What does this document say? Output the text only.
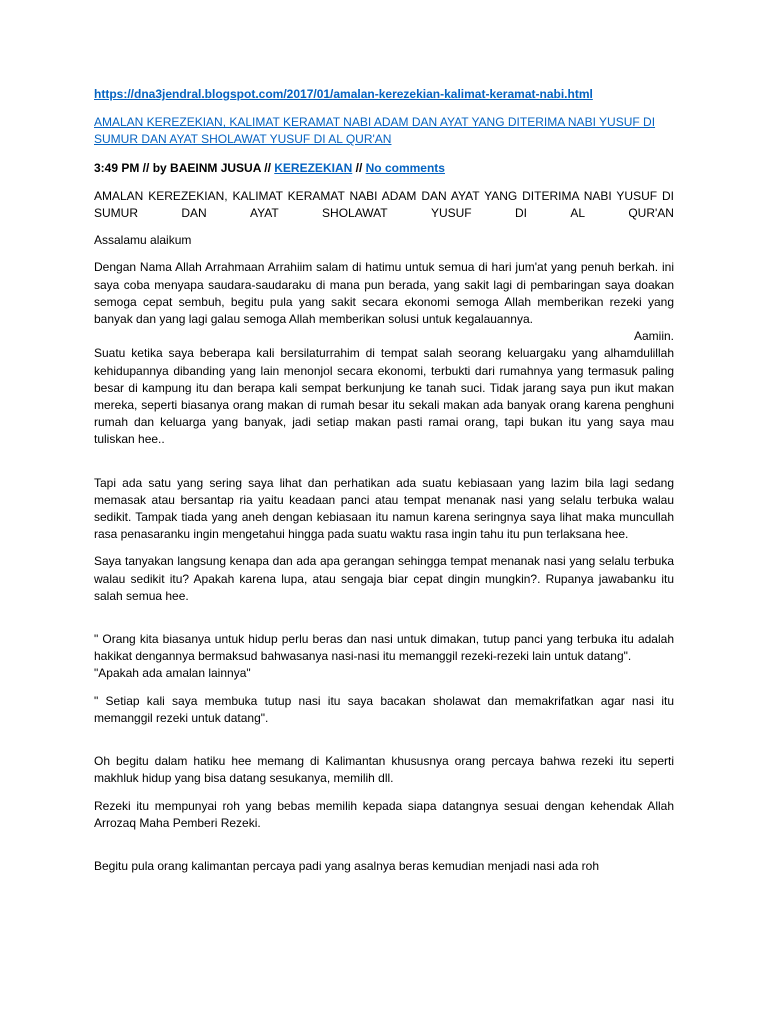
https://dna3jendral.blogspot.com/2017/01/amalan-kerezekian-kalimat-keramat-nabi.html

AMALAN KEREZEKIAN, KALIMAT KERAMAT NABI ADAM DAN AYAT YANG DITERIMA NABI YUSUF DI SUMUR DAN AYAT SHOLAWAT YUSUF DI AL QUR'AN

3:49 PM // by BAEINM JUSUA // KEREZEKIAN // No comments

AMALAN KEREZEKIAN, KALIMAT KERAMAT NABI ADAM DAN AYAT YANG DITERIMA NABI YUSUF DI

SUMUR	DAN	AYAT	SHOLAWAT	YUSUF	DI	AL	QUR'AN

Assalamu alaikum

Dengan Nama Allah Arrahmaan Arrahiim salam di hatimu untuk semua di hari jum'at yang penuh berkah. ini saya coba menyapa saudara-saudaraku di mana pun berada, yang sakit lagi di pembaringan saya doakan semoga cepat sembuh, begitu pula yang sakit secara ekonomi semoga Allah memberikan rezeki yang banyak dan yang lagi galau semoga Allah memberikan solusi untuk kegalauannya.
Aamiin.

Suatu ketika saya beberapa kali bersilaturrahim di tempat salah seorang keluargaku yang alhamdulillah kehidupannya dibanding yang lain menonjol secara ekonomi, terbukti dari rumahnya yang termasuk paling besar di kampung itu dan berapa kali sempat berkunjung ke tanah suci. Tidak jarang saya pun ikut makan mereka, seperti biasanya orang makan di rumah besar itu sekali makan ada banyak orang karena penghuni rumah dan keluarga yang banyak, jadi setiap makan pasti ramai orang, tapi bukan itu yang saya mau tuliskan hee..

Tapi ada satu yang sering saya lihat dan perhatikan ada suatu kebiasaan yang lazim bila lagi sedang memasak atau bersantap ria yaitu keadaan panci atau tempat menanak nasi yang selalu terbuka walau sedikit. Tampak tiada yang aneh dengan kebiasaan itu namun karena seringnya saya lihat maka muncullah rasa penasaranku ingin mengetahui hingga pada suatu waktu rasa ingin tahu itu pun terlaksana hee.

Saya tanyakan langsung kenapa dan ada apa gerangan sehingga tempat menanak nasi yang selalu terbuka walau sedikit itu? Apakah karena lupa, atau sengaja biar cepat dingin mungkin?. Rupanya jawabanku itu salah semua hee.

" Orang kita biasanya untuk hidup perlu beras dan nasi untuk dimakan, tutup panci yang terbuka itu adalah hakikat dengannya bermaksud bahwasanya nasi-nasi itu memanggil rezeki-rezeki lain untuk datang".

"Apakah ada amalan lainnya"

" Setiap kali saya membuka tutup nasi itu saya bacakan sholawat dan memakrifatkan agar nasi itu memanggil rezeki untuk datang".

Oh begitu dalam hatiku hee memang di Kalimantan khususnya orang percaya bahwa rezeki itu seperti makhluk hidup yang bisa datang sesukanya, memilih dll.

Rezeki itu mempunyai roh yang bebas memilih kepada siapa datangnya sesuai dengan kehendak Allah Arrozaq Maha Pemberi Rezeki.

Begitu pula orang kalimantan percaya padi yang asalnya beras kemudian menjadi nasi ada roh
